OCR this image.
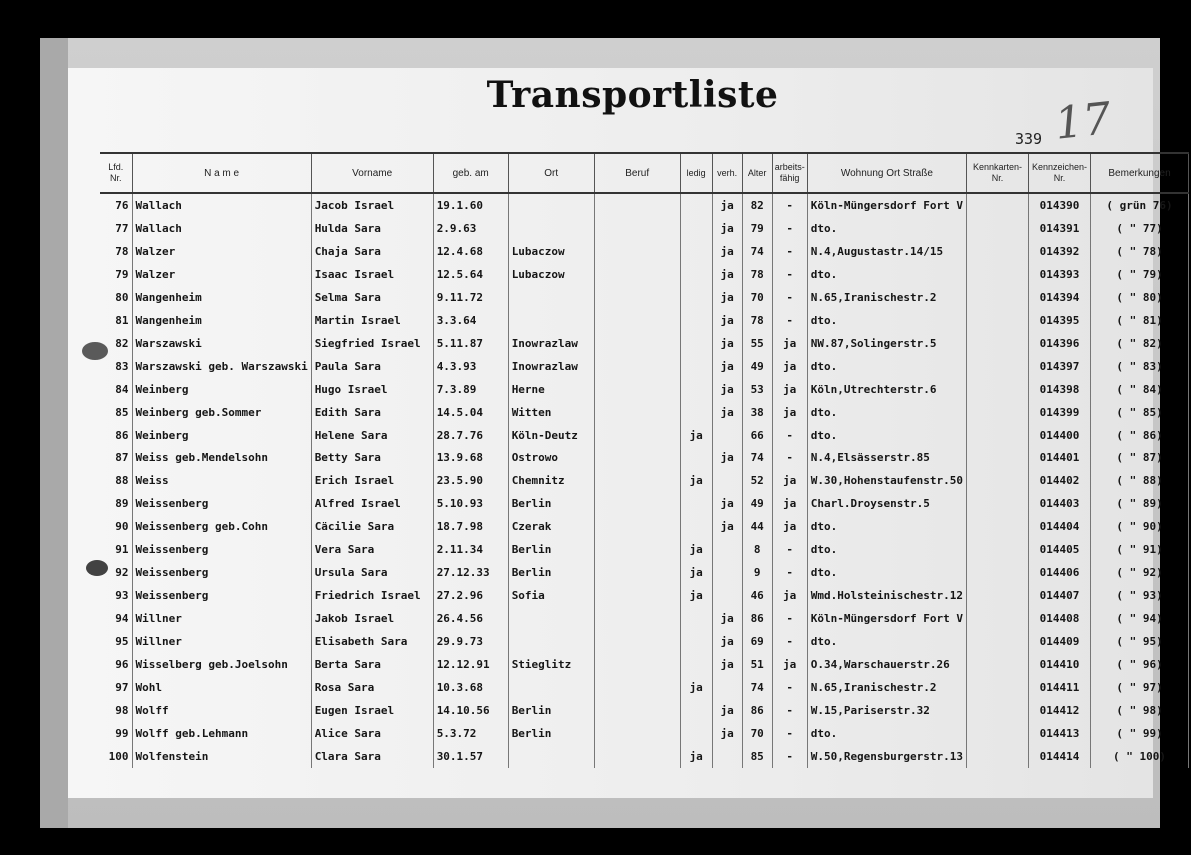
Transportliste
339 17
Lfd. Nr.	N a m e	Vorname	geb. am	Ort	Beruf	ledig	verh.	Alter	arbeits-fähig	Wohnung Ort Straße	Kennkarten-Nr.	Kennzeichen-Nr.	Bemerkungen
76	Wallach	Jacob Israel	19.1.60				ja	82	-	Köln-Müngersdorf Fort V		014390	( grün 76)
77	Wallach	Hulda Sara	2.9.63				ja	79	-	dto.		014391	( " 77)
78	Walzer	Chaja Sara	12.4.68	Lubaczow			ja	74	-	N.4,Augustastr.14/15		014392	( " 78)
79	Walzer	Isaac Israel	12.5.64	Lubaczow			ja	78	-	dto.		014393	( " 79)
80	Wangenheim	Selma Sara	9.11.72				ja	70	-	N.65,Iranischestr.2		014394	( " 80)
81	Wangenheim	Martin Israel	3.3.64				ja	78	-	dto.		014395	( " 81)
82	Warszawski	Siegfried Israel	5.11.87	Inowrazlaw			ja	55	ja	NW.87,Solingerstr.5		014396	( " 82)
83	Warszawski geb. Warszawski	Paula Sara	4.3.93	Inowrazlaw			ja	49	ja	dto.		014397	( " 83)
84	Weinberg	Hugo Israel	7.3.89	Herne			ja	53	ja	Köln,Utrechterstr.6		014398	( " 84)
85	Weinberg geb.Sommer	Edith Sara	14.5.04	Witten			ja	38	ja	dto.		014399	( " 85)
86	Weinberg	Helene Sara	28.7.76	Köln-Deutz		ja		66	-	dto.		014400	( " 86)
87	Weiss geb.Mendelsohn	Betty Sara	13.9.68	Ostrowo			ja	74	-	N.4,Elsässerstr.85		014401	( " 87)
88	Weiss	Erich Israel	23.5.90	Chemnitz		ja		52	ja	W.30,Hohenstaufenstr.50		014402	( " 88)
89	Weissenberg	Alfred Israel	5.10.93	Berlin			ja	49	ja	Charl.Droysenstr.5		014403	( " 89)
90	Weissenberg geb.Cohn	Cäcilie Sara	18.7.98	Czerak			ja	44	ja	dto.		014404	( " 90)
91	Weissenberg	Vera Sara	2.11.34	Berlin		ja		8	-	dto.		014405	( " 91)
92	Weissenberg	Ursula Sara	27.12.33	Berlin		ja		9	-	dto.		014406	( " 92)
93	Weissenberg	Friedrich Israel	27.2.96	Sofia		ja		46	ja	Wmd.Holsteinischestr.12		014407	( " 93)
94	Willner	Jakob Israel	26.4.56				ja	86	-	Köln-Müngersdorf Fort V		014408	( " 94)
95	Willner	Elisabeth Sara	29.9.73				ja	69	-	dto.		014409	( " 95)
96	Wisselberg geb.Joelsohn	Berta Sara	12.12.91	Stieglitz			ja	51	ja	O.34,Warschauerstr.26		014410	( " 96)
97	Wohl	Rosa Sara	10.3.68			ja		74	-	N.65,Iranischestr.2		014411	( " 97)
98	Wolff	Eugen Israel	14.10.56	Berlin			ja	86	-	W.15,Pariserstr.32		014412	( " 98)
99	Wolff geb.Lehmann	Alice Sara	5.3.72	Berlin			ja	70	-	dto.		014413	( " 99)
100	Wolfenstein	Clara Sara	30.1.57			ja		85	-	W.50,Regensburgerstr.13		014414	( " 100)
